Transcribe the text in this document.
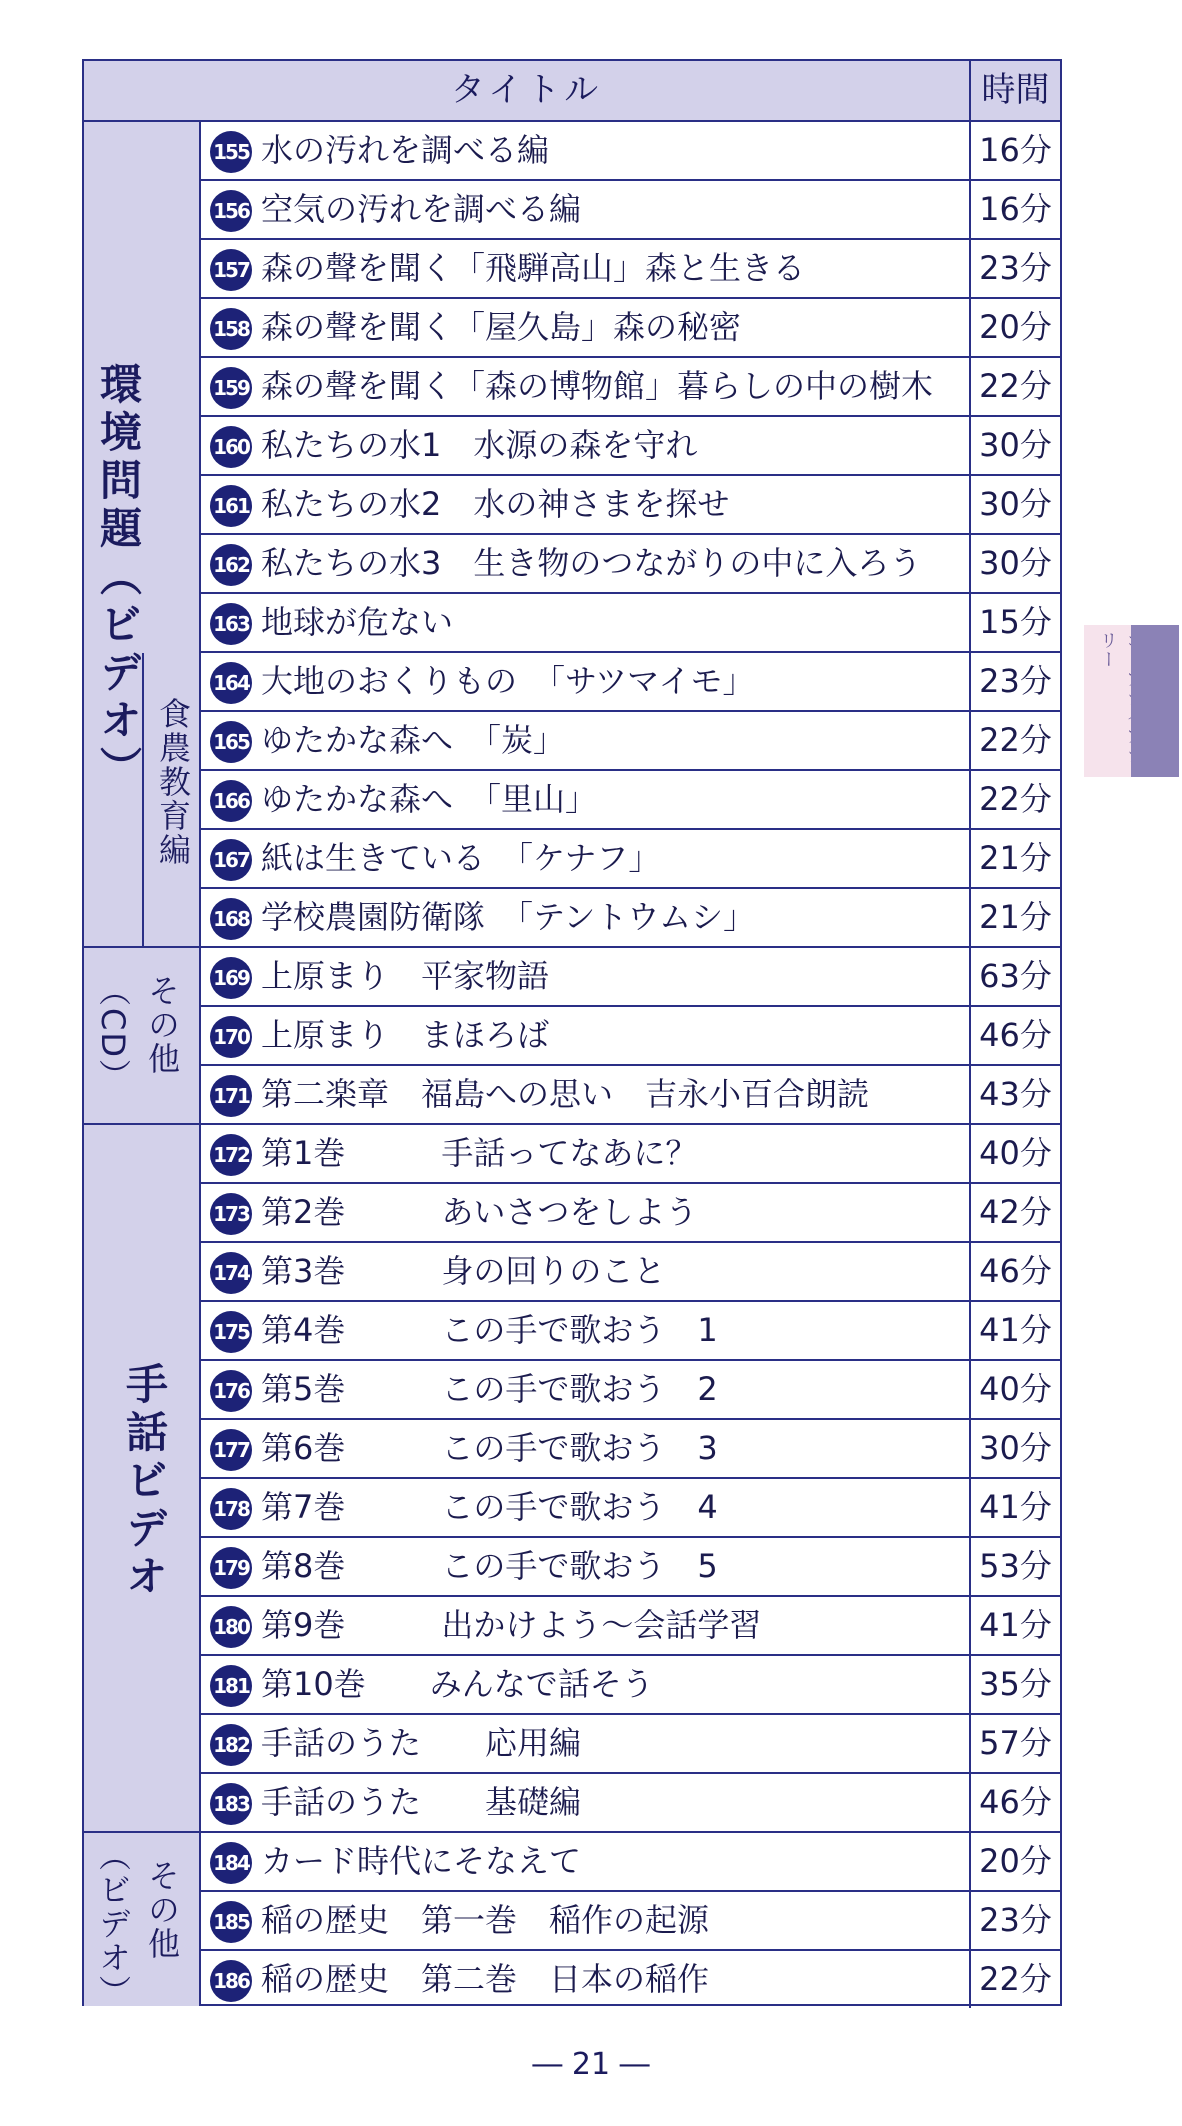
タイトル	時間
環境問題（ビデオ） 食農教育編
その他
（CD）
手話ビデオ
その他
（ビデオ）
155 水の汚れを調べる編	16分
156 空気の汚れを調べる編	16分
157 森の聲を聞く「飛騨高山」森と生きる	23分
158 森の聲を聞く「屋久島」森の秘密	20分
159 森の聲を聞く「森の博物館」暮らしの中の樹木	22分
160 私たちの水1　水源の森を守れ	30分
161 私たちの水2　水の神さまを探せ	30分
162 私たちの水3　生き物のつながりの中に入ろう	30分
163 地球が危ない	15分
164 大地のおくりもの　「サツマイモ」	23分
165 ゆたかな森へ　「炭」	22分
166 ゆたかな森へ　「里山」	22分
167 紙は生きている　「ケナフ」	21分
168 学校農園防衛隊　「テントウムシ」	21分
169 上原まり　平家物語	63分
170 上原まり　まほろば	46分
171 第二楽章　福島への思い　吉永小百合朗読	43分
172 第1巻　　　手話ってなあに？	40分
173 第2巻　　　あいさつをしよう	42分
174 第3巻　　　身の回りのこと	46分
175 第4巻　　　この手で歌おう　1	41分
176 第5巻　　　この手で歌おう　2	40分
177 第6巻　　　この手で歌おう　3	30分
178 第7巻　　　この手で歌おう　4	41分
179 第8巻　　　この手で歌おう　5	53分
180 第9巻　　　出かけよう～会話学習	41分
181 第10巻　　みんなで話そう	35分
182 手話のうた　　応用編	57分
183 手話のうた　　基礎編	46分
184 カード時代にそなえて	20分
185 稲の歴史　第一巻　稲作の起源	23分
186 稲の歴史　第二巻　日本の稲作	22分
リー
― 21 ―
